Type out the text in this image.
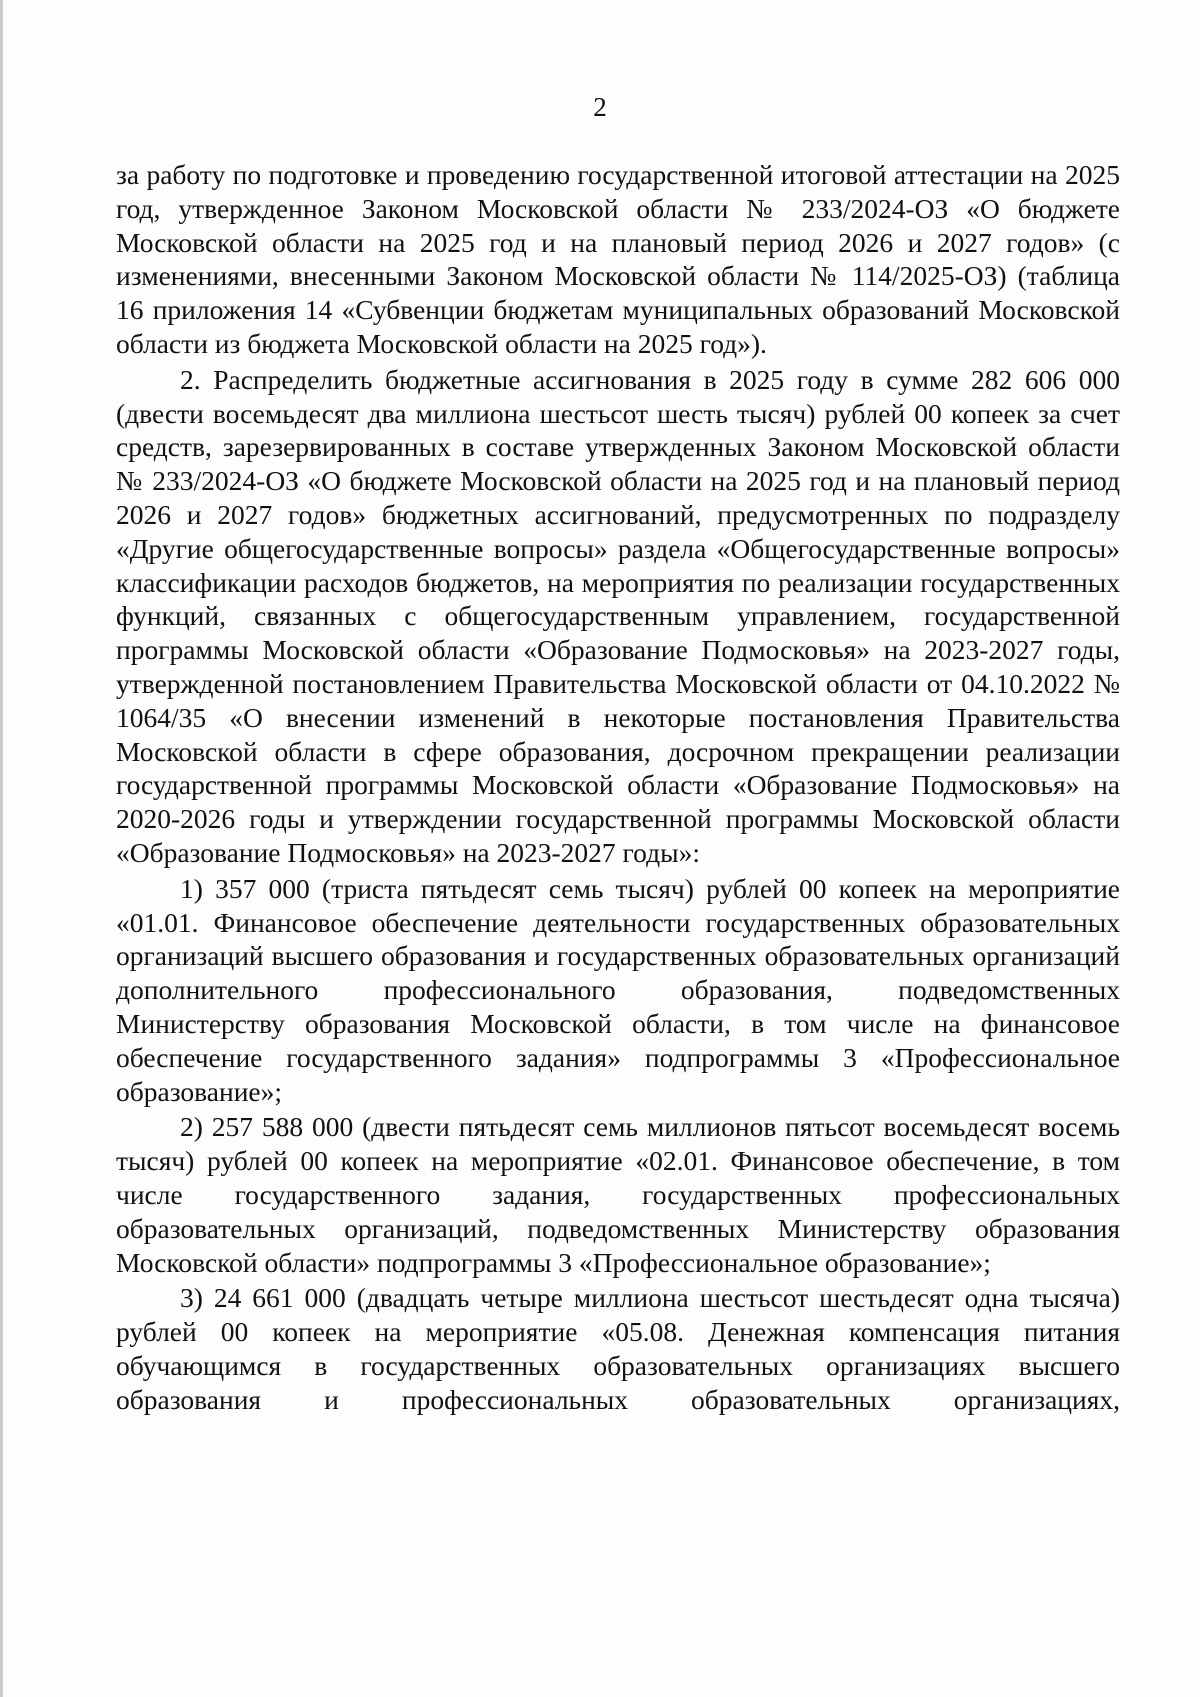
2

за работу по подготовке и проведению государственной итоговой аттестации на 2025 год, утвержденное Законом Московской области № 233/2024-ОЗ «О бюджете Московской области на 2025 год и на плановый период 2026 и 2027 годов» (с изменениями, внесенными Законом Московской области № 114/2025-ОЗ) (таблица 16 приложения 14 «Субвенции бюджетам муниципальных образований Московской области из бюджета Московской области на 2025 год»).

2. Распределить бюджетные ассигнования в 2025 году в сумме 282 606 000 (двести восемьдесят два миллиона шестьсот шесть тысяч) рублей 00 копеек за счет средств, зарезервированных в составе утвержденных Законом Московской области № 233/2024-ОЗ «О бюджете Московской области на 2025 год и на плановый период 2026 и 2027 годов» бюджетных ассигнований, предусмотренных по подразделу «Другие общегосударственные вопросы» раздела «Общегосударственные вопросы» классификации расходов бюджетов, на мероприятия по реализации государственных функций, связанных с общегосударственным управлением, государственной программы Московской области «Образование Подмосковья» на 2023-2027 годы, утвержденной постановлением Правительства Московской области от 04.10.2022 № 1064/35 «О внесении изменений в некоторые постановления Правительства Московской области в сфере образования, досрочном прекращении реализации государственной программы Московской области «Образование Подмосковья» на 2020-2026 годы и утверждении государственной программы Московской области «Образование Подмосковья» на 2023-2027 годы»:

1) 357 000 (триста пятьдесят семь тысяч) рублей 00 копеек на мероприятие «01.01. Финансовое обеспечение деятельности государственных образовательных организаций высшего образования и государственных образовательных организаций дополнительного профессионального образования, подведомственных Министерству образования Московской области, в том числе на финансовое обеспечение государственного задания» подпрограммы 3 «Профессиональное образование»;

2) 257 588 000 (двести пятьдесят семь миллионов пятьсот восемьдесят восемь тысяч) рублей 00 копеек на мероприятие «02.01. Финансовое обеспечение, в том числе государственного задания, государственных профессиональных образовательных организаций, подведомственных Министерству образования Московской области» подпрограммы 3 «Профессиональное образование»;

3) 24 661 000 (двадцать четыре миллиона шестьсот шестьдесят одна тысяча) рублей 00 копеек на мероприятие «05.08. Денежная компенсация питания обучающимся в государственных образовательных организациях высшего образования и профессиональных образовательных организациях,
